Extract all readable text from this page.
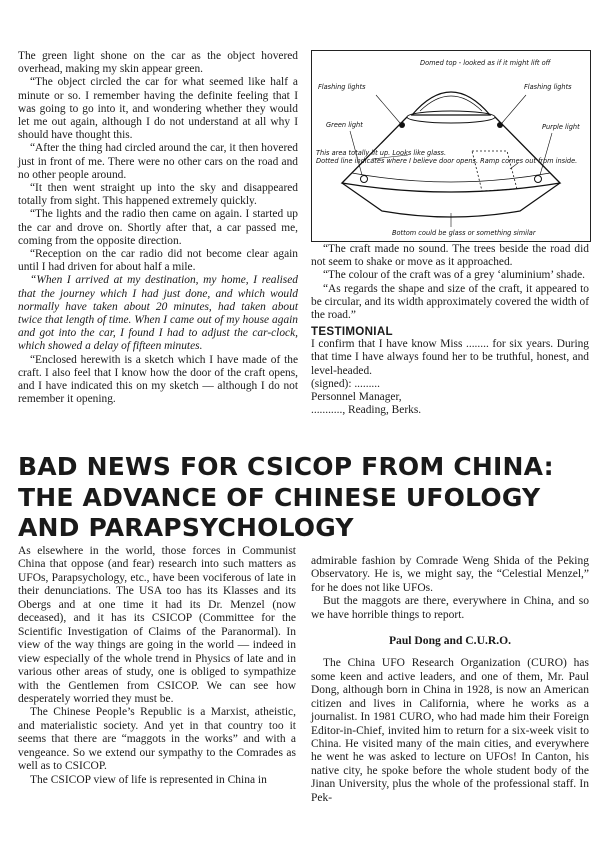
The green light shone on the car as the object hovered overhead, making my skin appear green.

“The object circled the car for what seemed like half a minute or so. I remember having the definite feeling that I was going to go into it, and wondering whether they would let me out again, although I do not understand at all why I should have thought this.

“After the thing had circled around the car, it then hovered just in front of me. There were no other cars on the road and no other people around.

“It then went straight up into the sky and disappeared totally from sight. This happened extremely quickly.

“The lights and the radio then came on again. I started up the car and drove on. Shortly after that, a car passed me, coming from the opposite direction.

“Reception on the car radio did not become clear again until I had driven for about half a mile.

“When I arrived at my destination, my home, I realised that the journey which I had just done, and which would normally have taken about 20 minutes, had taken about twice that length of time. When I came out of my house again and got into the car, I found I had to adjust the car-clock, which showed a delay of fifteen minutes.

“Enclosed herewith is a sketch which I have made of the craft. I also feel that I know how the door of the craft opens, and I have indicated this on my sketch — although I do not remember it opening.

Domed top - looked as if it might lift off
Flashing lights	Flashing lights
Green light	Purple light
This area totally lit up. Looks like glass.
Dotted line indicates where I believe door opens. Ramp comes out from inside.
Bottom could be glass or something similar

“The craft made no sound. The trees beside the road did not seem to shake or move as it approached.

“The colour of the craft was of a grey ‘aluminium’ shade.

“As regards the shape and size of the craft, it appeared to be circular, and its width approximately covered the width of the road.”

TESTIMONIAL

I confirm that I have know Miss ........ for six years. During that time I have always found her to be truthful, honest, and level-headed.

(signed): .........

Personnel Manager,

..........., Reading, Berks.

BAD NEWS FOR CSICOP FROM CHINA:
THE ADVANCE OF CHINESE UFOLOGY
AND PARAPSYCHOLOGY

As elsewhere in the world, those forces in Communist China that oppose (and fear) research into such matters as UFOs, Parapsychology, etc., have been vociferous of late in their denunciations. The USA too has its Klasses and its Obergs and at one time it had its Dr. Menzel (now deceased), and it has its CSICOP (Committee for the Scientific Investigation of Claims of the Paranormal). In view of the way things are going in the world — indeed in view especially of the whole trend in Physics of late and in various other areas of study, one is obliged to sympathize with the Gentlemen from CSICOP. We can see how desperately worried they must be.

The Chinese People’s Republic is a Marxist, atheistic, and materialistic society. And yet in that country too it seems that there are “maggots in the works” and with a vengeance. So we extend our sympathy to the Comrades as well as to CSICOP.

The CSICOP view of life is represented in China in

admirable fashion by Comrade Weng Shida of the Peking Observatory. He is, we might say, the “Celestial Menzel,” for he does not like UFOs.

But the maggots are there, everywhere in China, and so we have horrible things to report.

Paul Dong and C.U.R.O.

The China UFO Research Organization (CURO) has some keen and active leaders, and one of them, Mr. Paul Dong, although born in China in 1928, is now an American citizen and lives in California, where he works as a journalist. In 1981 CURO, who had made him their Foreign Editor-in-Chief, invited him to return for a six-week visit to China. He visited many of the main cities, and everywhere he went he was asked to lecture on UFOs! In Canton, his native city, he spoke before the whole student body of the Jinan University, plus the whole of the professional staff. In Pek-
